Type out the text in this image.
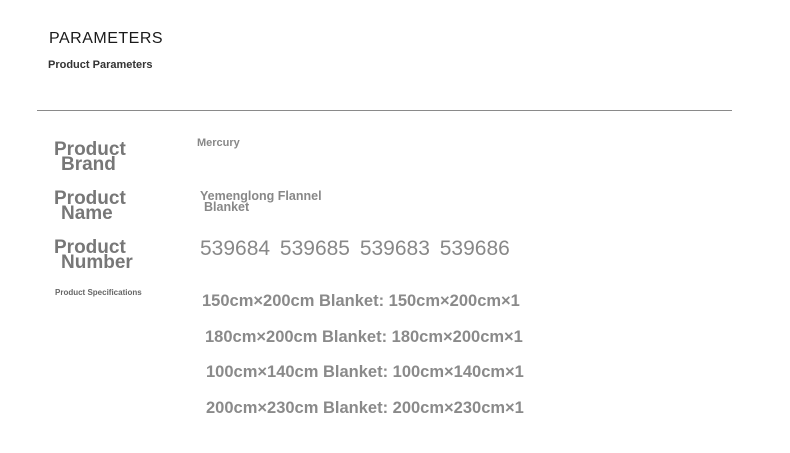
PARAMETERS
Product Parameters
Product
Brand
Mercury
Product
Name
Yemenglong Flannel
Blanket
Product
Number
539684 539685 539683 539686
Product Specifications	150cm×200cm Blanket: 150cm×200cm×1
180cm×200cm Blanket: 180cm×200cm×1
100cm×140cm Blanket: 100cm×140cm×1
200cm×230cm Blanket: 200cm×230cm×1
